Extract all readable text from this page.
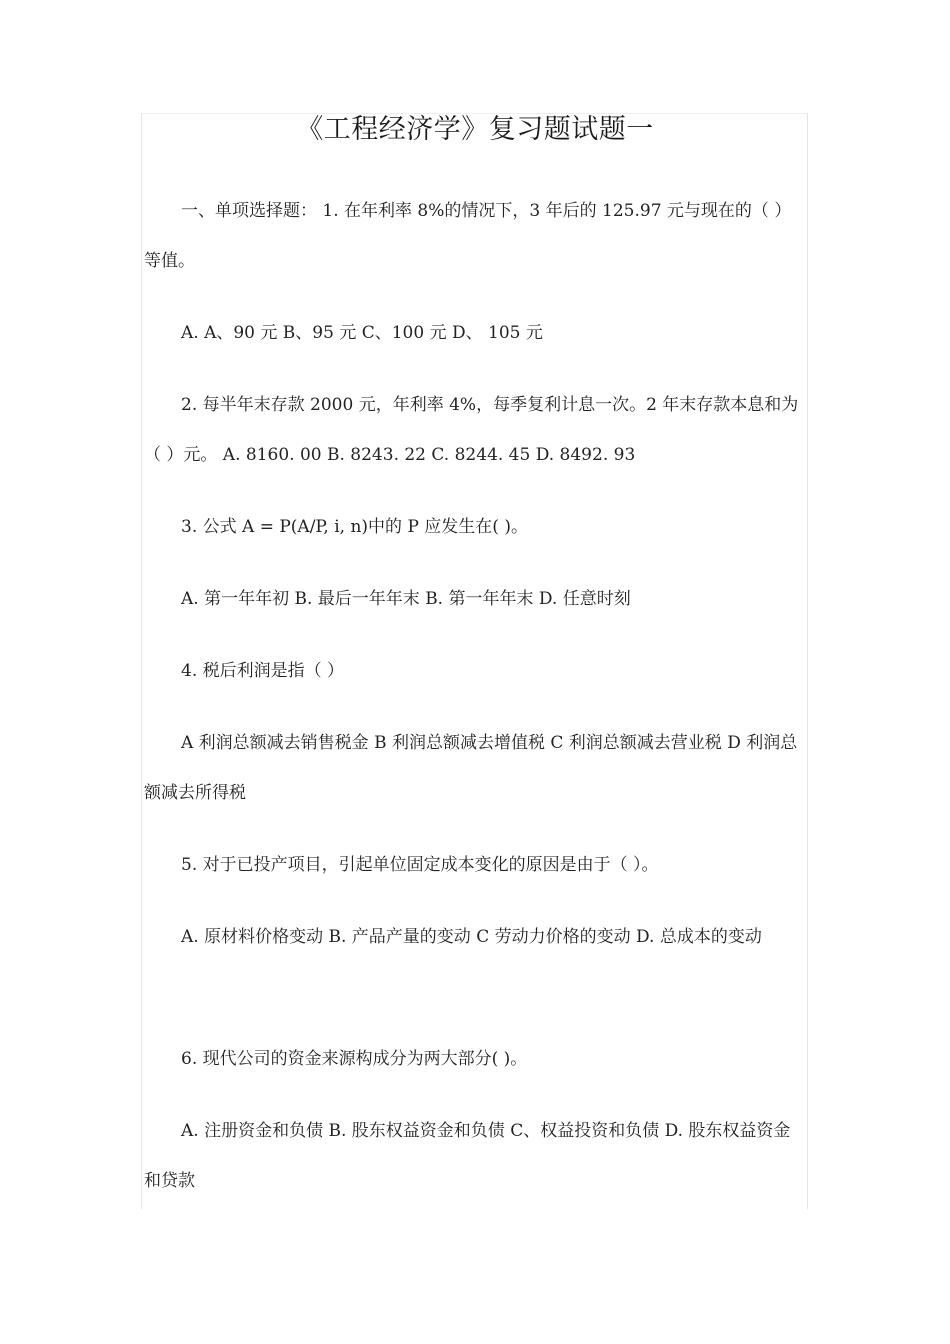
《工程经济学》复习题试题一

一、单项选择题： 1. 在年利率 8%的情况下，3 年后的 125.97 元与现在的（ ）等值。

A. A、90 元 B、95 元 C、100 元 D、 105 元

2. 每半年末存款 2000 元，年利率 4%，每季复利计息一次。2 年末存款本息和为（ ）元。 A. 8160. 00 B. 8243. 22 C. 8244. 45 D. 8492. 93

3. 公式 A = P(A/P, i, n)中的 P 应发生在( )。

A. 第一年年初 B. 最后一年年末 B. 第一年年末 D. 任意时刻

4. 税后利润是指（ ）

A 利润总额减去销售税金 B 利润总额减去增值税 C 利润总额减去营业税 D 利润总额减去所得税

5. 对于已投产项目，引起单位固定成本变化的原因是由于（ ）。

A. 原材料价格变动 B. 产品产量的变动 C 劳动力价格的变动 D. 总成本的变动

6. 现代公司的资金来源构成分为两大部分( )。

A. 注册资金和负债 B. 股东权益资金和负债 C、权益投资和负债 D. 股东权益资金和贷款
